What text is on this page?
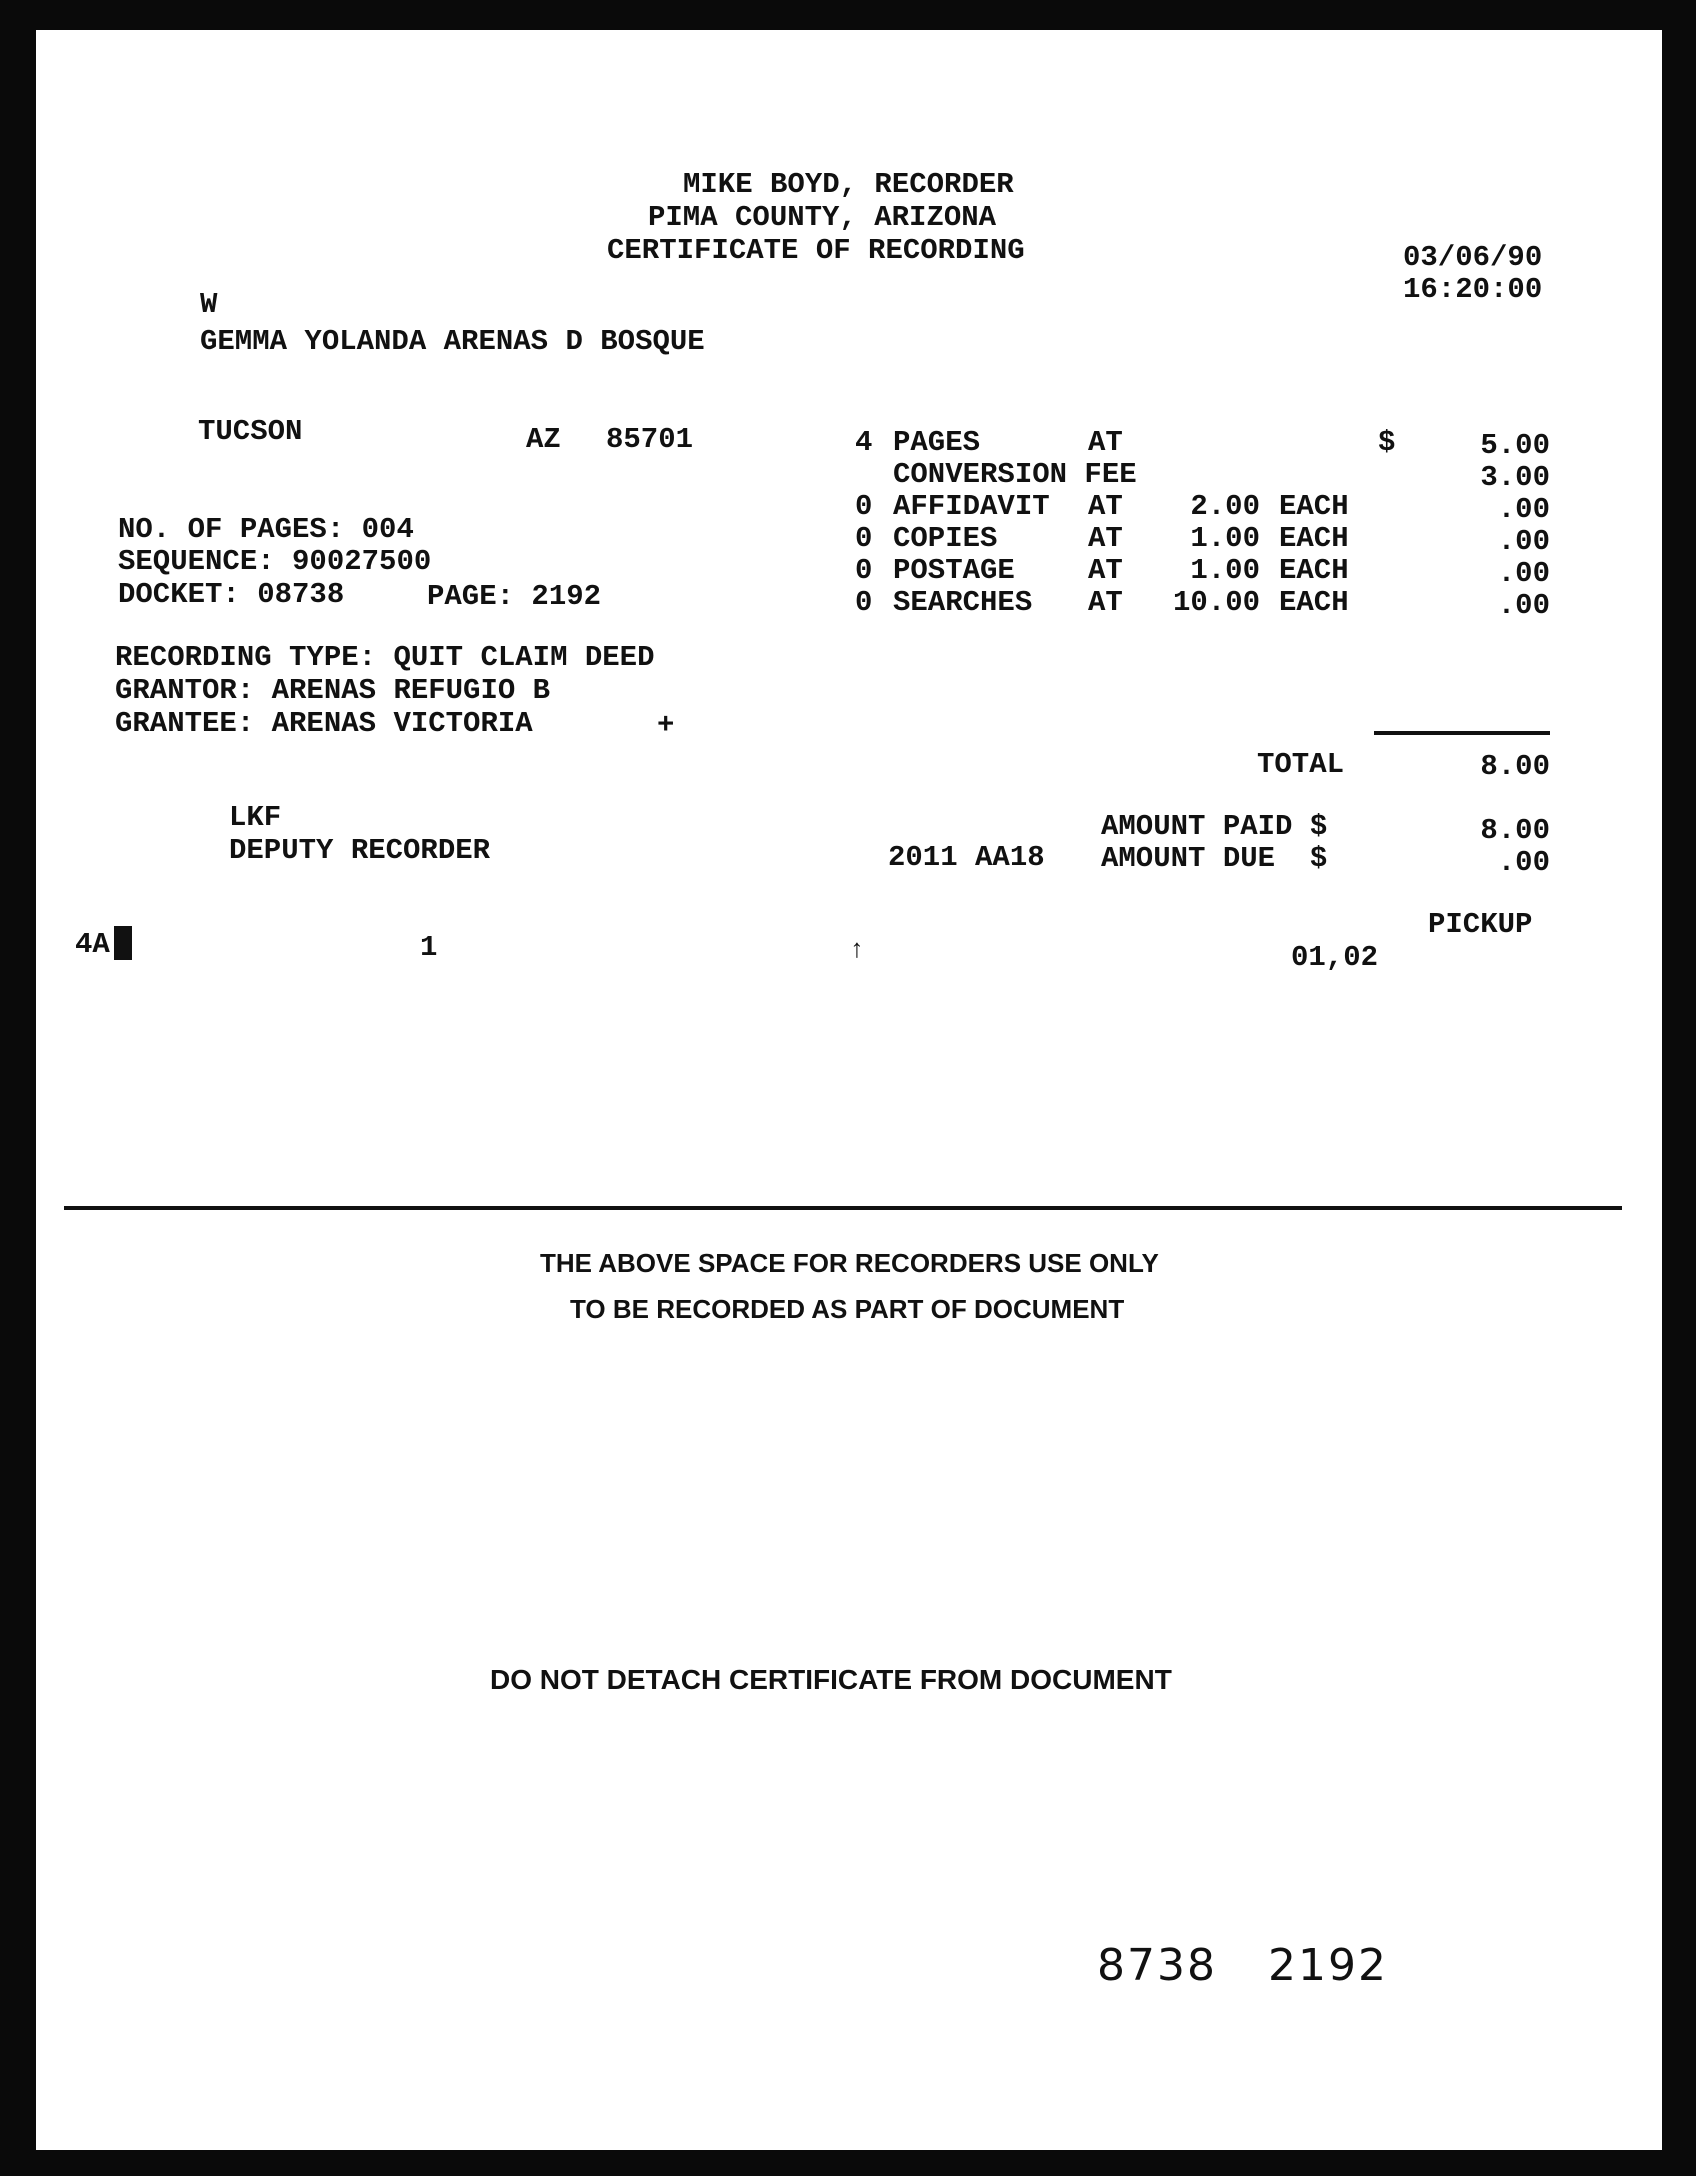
MIKE BOYD, RECORDER
PIMA COUNTY, ARIZONA
CERTIFICATE OF RECORDING	03/06/90
16:20:00
W
GEMMA YOLANDA ARENAS D BOSQUE
TUCSON	AZ 85701
NO. OF PAGES: 004
SEQUENCE: 90027500
DOCKET: 08738	PAGE: 2192
RECORDING TYPE: QUIT CLAIM DEED
GRANTOR: ARENAS REFUGIO B
GRANTEE: ARENAS VICTORIA	+
4 PAGES	AT	$	5.00
CONVERSION FEE	3.00
0 AFFIDAVIT AT	2.00 EACH	.00
0 COPIES	AT	1.00 EACH	.00
0 POSTAGE	AT	1.00 EACH	.00
0 SEARCHES AT	10.00 EACH	.00
TOTAL	8.00
LKF
DEPUTY RECORDER
AMOUNT PAID $	8.00
2011 AA18 AMOUNT DUE  $	.00
4A	1	↑
PICKUP
01,02
THE ABOVE SPACE FOR RECORDERS USE ONLY
TO BE RECORDED AS PART OF DOCUMENT
DO NOT DETACH CERTIFICATE FROM DOCUMENT
8738 2192
